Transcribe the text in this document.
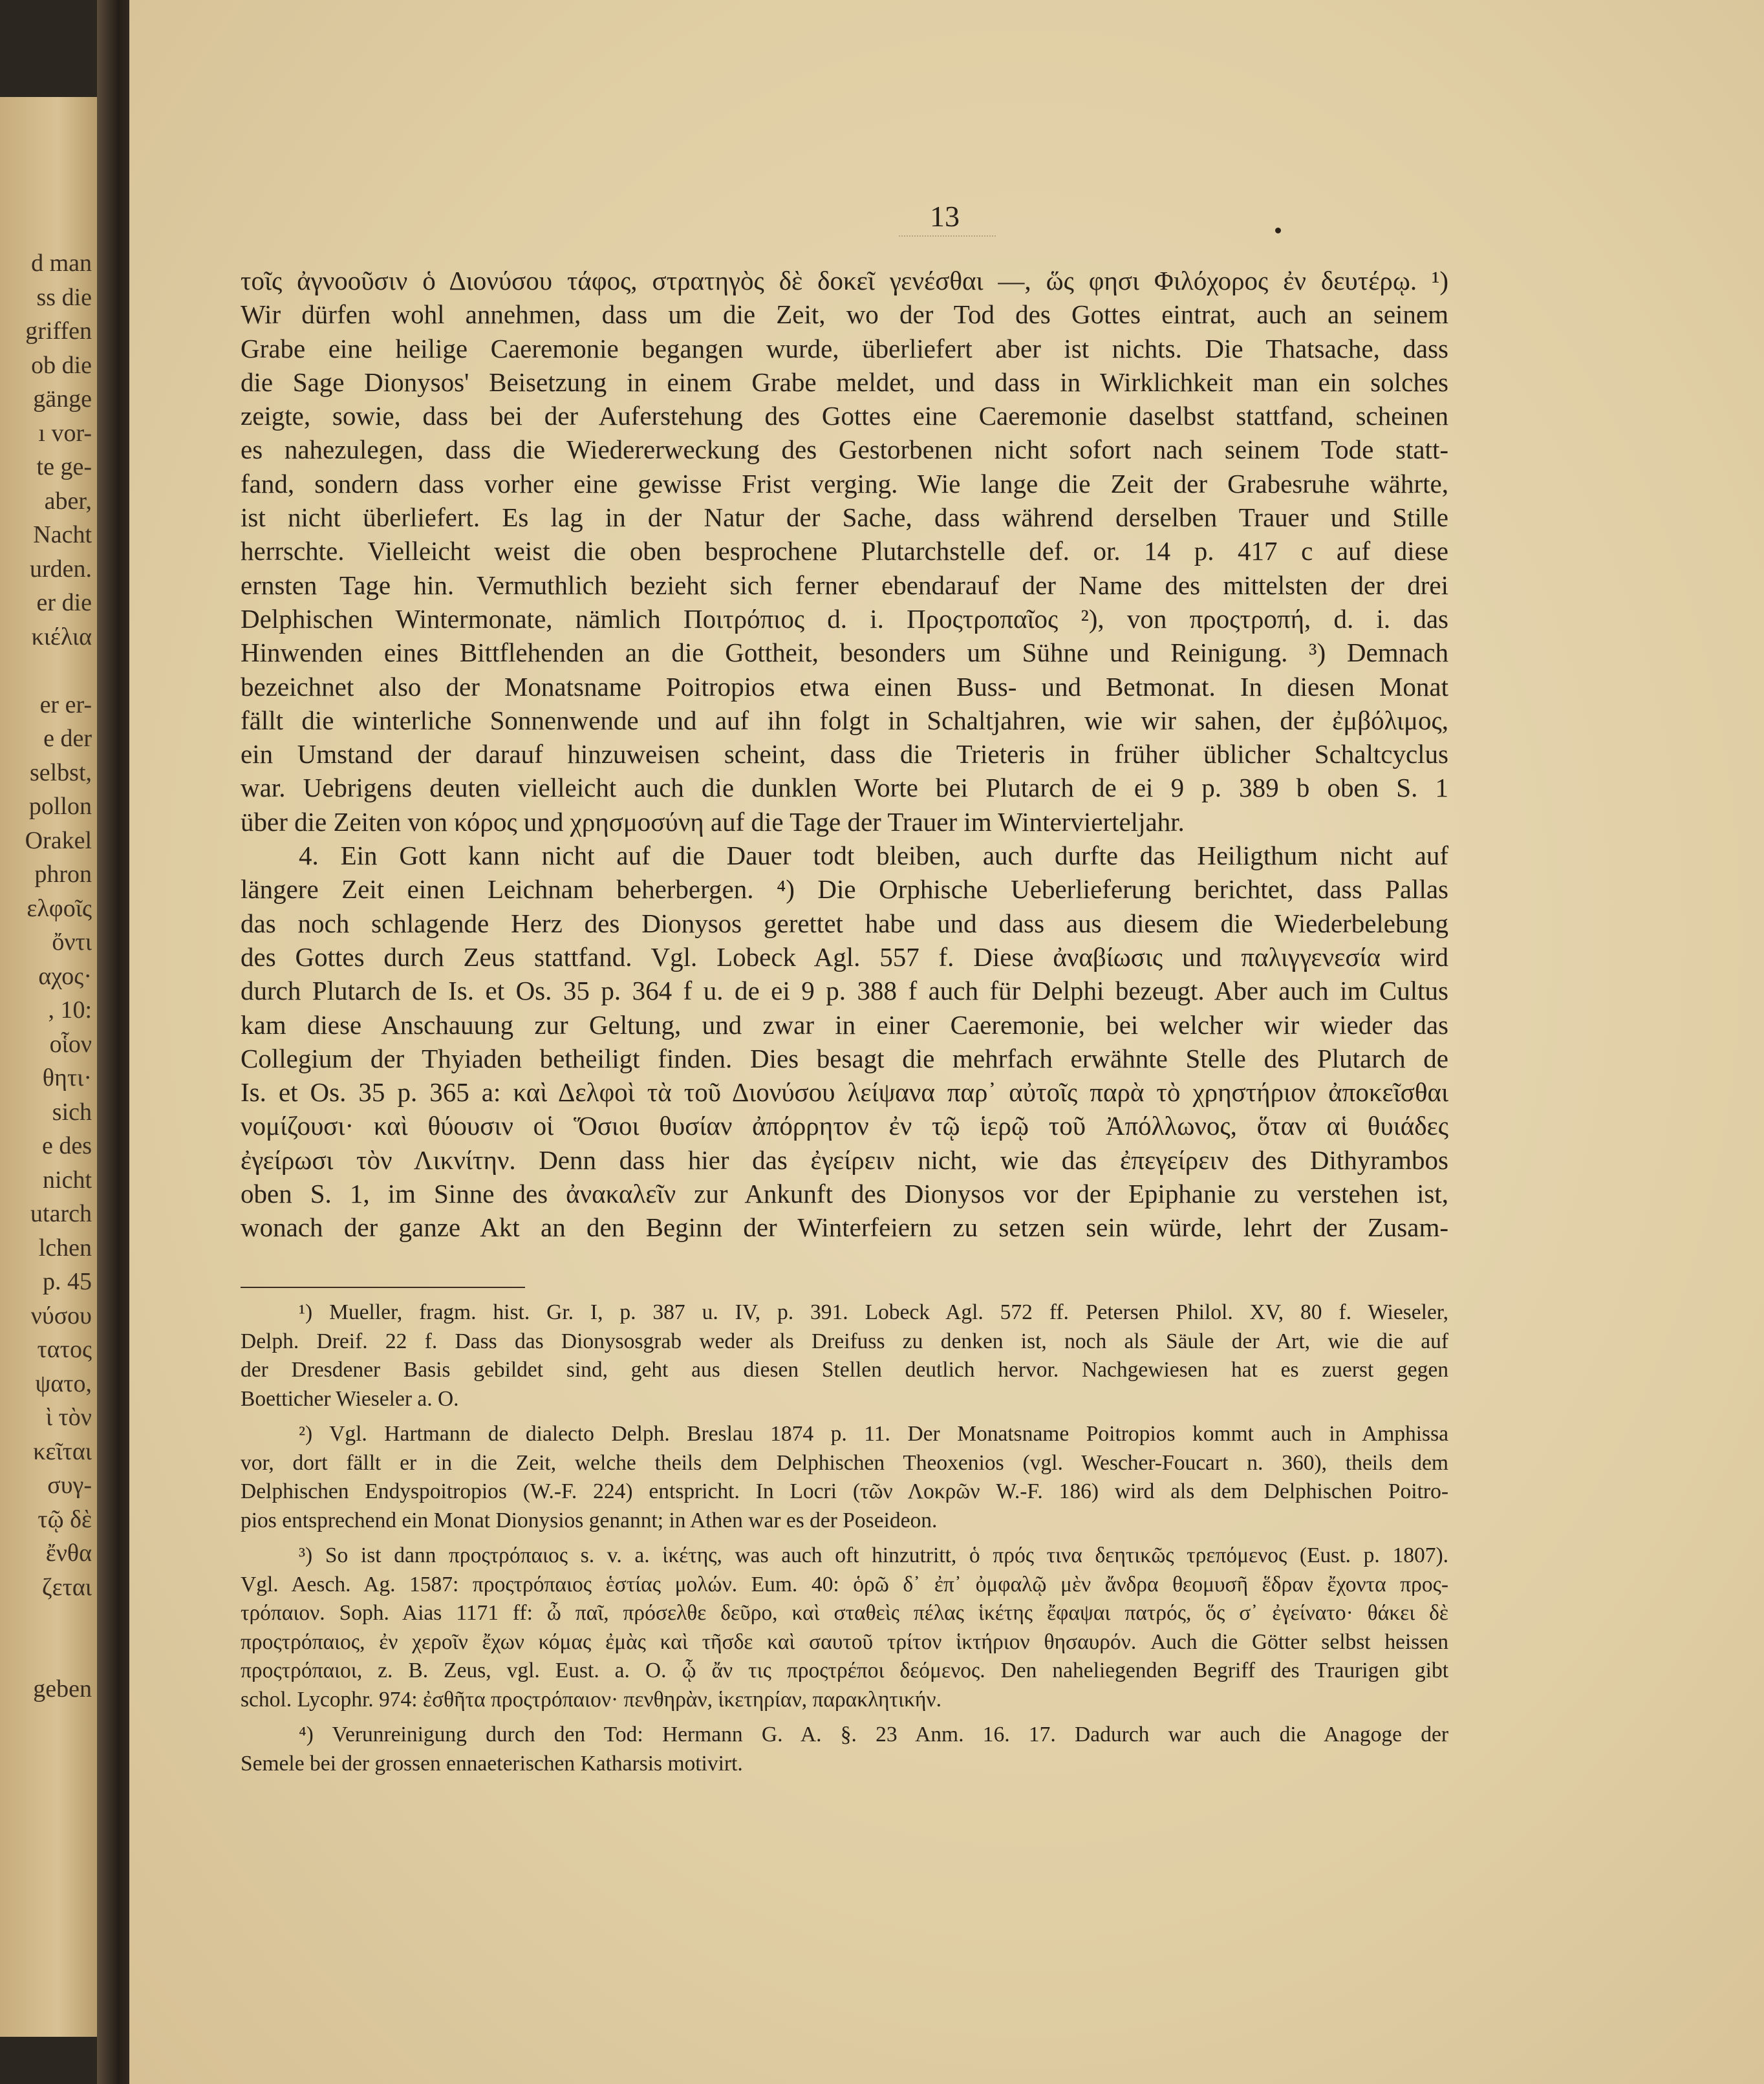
d man
ss die
griffen
ob die
gänge
ı vor-
te ge-
aber,
Nacht
urden.
er die
κιέλια
er er-
e der
selbst,
pollon
Orakel
phron
ελφοῖς
ὄντι
αχος·
, 10:
οἷον
θητι·
sich
e des
nicht
utarch
lchen
p. 45
νύσου
τατος
ψατο,
ὶ τὸν
κεῖται
συγ-
τῷ δὲ
ἔνθα
ζεται
geben
13
τοῖς ἀγνοοῦσιν ὁ Διονύσου τάφος, στρατηγὸς δὲ δοκεῖ γενέσθαι —, ὥς φησι Φιλόχορος ἐν δευτέρῳ. ¹)
Wir dürfen wohl annehmen, dass um die Zeit, wo der Tod des Gottes eintrat, auch an seinem
Grabe eine heilige Caeremonie begangen wurde, überliefert aber ist nichts. Die Thatsache, dass
die Sage Dionysos' Beisetzung in einem Grabe meldet, und dass in Wirklichkeit man ein solches
zeigte, sowie, dass bei der Auferstehung des Gottes eine Caeremonie daselbst stattfand, scheinen
es nahezulegen, dass die Wiedererweckung des Gestorbenen nicht sofort nach seinem Tode statt-
fand, sondern dass vorher eine gewisse Frist verging. Wie lange die Zeit der Grabesruhe währte,
ist nicht überliefert. Es lag in der Natur der Sache, dass während derselben Trauer und Stille
herrschte. Vielleicht weist die oben besprochene Plutarchstelle def. or. 14 p. 417 c auf diese
ernsten Tage hin. Vermuthlich bezieht sich ferner ebendarauf der Name des mittelsten der drei
Delphischen Wintermonate, nämlich Ποιτρόπιος d. i. Προςτροπαῖος ²), von προςτροπή, d. i. das
Hinwenden eines Bittflehenden an die Gottheit, besonders um Sühne und Reinigung. ³) Demnach
bezeichnet also der Monatsname Poitropios etwa einen Buss- und Betmonat. In diesen Monat
fällt die winterliche Sonnenwende und auf ihn folgt in Schaltjahren, wie wir sahen, der ἐμβόλιμος,
ein Umstand der darauf hinzuweisen scheint, dass die Trieteris in früher üblicher Schaltcyclus
war. Uebrigens deuten vielleicht auch die dunklen Worte bei Plutarch de ei 9 p. 389 b oben S. 1
über die Zeiten von κόρος und χρησμοσύνη auf die Tage der Trauer im Wintervierteljahr.
4. Ein Gott kann nicht auf die Dauer todt bleiben, auch durfte das Heiligthum nicht auf
längere Zeit einen Leichnam beherbergen. ⁴) Die Orphische Ueberlieferung berichtet, dass Pallas
das noch schlagende Herz des Dionysos gerettet habe und dass aus diesem die Wiederbelebung
des Gottes durch Zeus stattfand. Vgl. Lobeck Agl. 557 f. Diese ἀναβίωσις und παλιγγενεσία wird
durch Plutarch de Is. et Os. 35 p. 364 f u. de ei 9 p. 388 f auch für Delphi bezeugt. Aber auch im Cultus
kam diese Anschauung zur Geltung, und zwar in einer Caeremonie, bei welcher wir wieder das
Collegium der Thyiaden betheiligt finden. Dies besagt die mehrfach erwähnte Stelle des Plutarch de
Is. et Os. 35 p. 365 a: καὶ Δελφοὶ τὰ τοῦ Διονύσου λείψανα παρ᾽ αὐτοῖς παρὰ τὸ χρηστήριον ἀποκεῖσθαι
νομίζουσι· καὶ θύουσιν οἱ Ὅσιοι θυσίαν ἀπόρρητον ἐν τῷ ἱερῷ τοῦ Ἀπόλλωνος, ὅταν αἱ θυιάδες
ἐγείρωσι τὸν Λικνίτην. Denn dass hier das ἐγείρειν nicht, wie das ἐπεγείρειν des Dithyrambos
oben S. 1, im Sinne des ἀνακαλεῖν zur Ankunft des Dionysos vor der Epiphanie zu verstehen ist,
wonach der ganze Akt an den Beginn der Winterfeiern zu setzen sein würde, lehrt der Zusam-
¹) Mueller, fragm. hist. Gr. I, p. 387 u. IV, p. 391. Lobeck Agl. 572 ff. Petersen Philol. XV, 80 f. Wieseler,
Delph. Dreif. 22 f. Dass das Dionysosgrab weder als Dreifuss zu denken ist, noch als Säule der Art, wie die auf
der Dresdener Basis gebildet sind, geht aus diesen Stellen deutlich hervor. Nachgewiesen hat es zuerst gegen
Boetticher Wieseler a. O.
²) Vgl. Hartmann de dialecto Delph. Breslau 1874 p. 11. Der Monatsname Poitropios kommt auch in Amphissa
vor, dort fällt er in die Zeit, welche theils dem Delphischen Theoxenios (vgl. Wescher-Foucart n. 360), theils dem
Delphischen Endyspoitropios (W.-F. 224) entspricht. In Locri (τῶν Λοκρῶν W.-F. 186) wird als dem Delphischen Poitro-
pios entsprechend ein Monat Dionysios genannt; in Athen war es der Poseideon.
³) So ist dann προςτρόπαιος s. v. a. ἱκέτης, was auch oft hinzutritt, ὁ πρός τινα δεητικῶς τρεπόμενος (Eust. p. 1807).
Vgl. Aesch. Ag. 1587: προςτρόπαιος ἑστίας μολών. Eum. 40: ὁρῶ δ᾽ ἐπ᾽ ὀμφαλῷ μὲν ἄνδρα θεομυσῆ ἕδραν ἔχοντα προς-
τρόπαιον. Soph. Aias 1171 ff: ὦ παῖ, πρόσελθε δεῦρο, καὶ σταθεὶς πέλας ἱκέτης ἔφαψαι πατρός, ὅς σ᾽ ἐγείνατο· θάκει δὲ
προςτρόπαιος, ἐν χεροῖν ἔχων κόμας ἐμὰς καὶ τῆσδε καὶ σαυτοῦ τρίτον ἱκτήριον θησαυρόν. Auch die Götter selbst heissen
προςτρόπαιοι, z. B. Zeus, vgl. Eust. a. O. ᾧ ἄν τις προςτρέποι δεόμενος. Den naheliegenden Begriff des Traurigen gibt
schol. Lycophr. 974: ἐσθῆτα προςτρόπαιον· πενθηρὰν, ἱκετηρίαν, παρακλητικήν.
⁴) Verunreinigung durch den Tod: Hermann G. A. §. 23 Anm. 16. 17. Dadurch war auch die Anagoge der
Semele bei der grossen ennaeterischen Katharsis motivirt.
